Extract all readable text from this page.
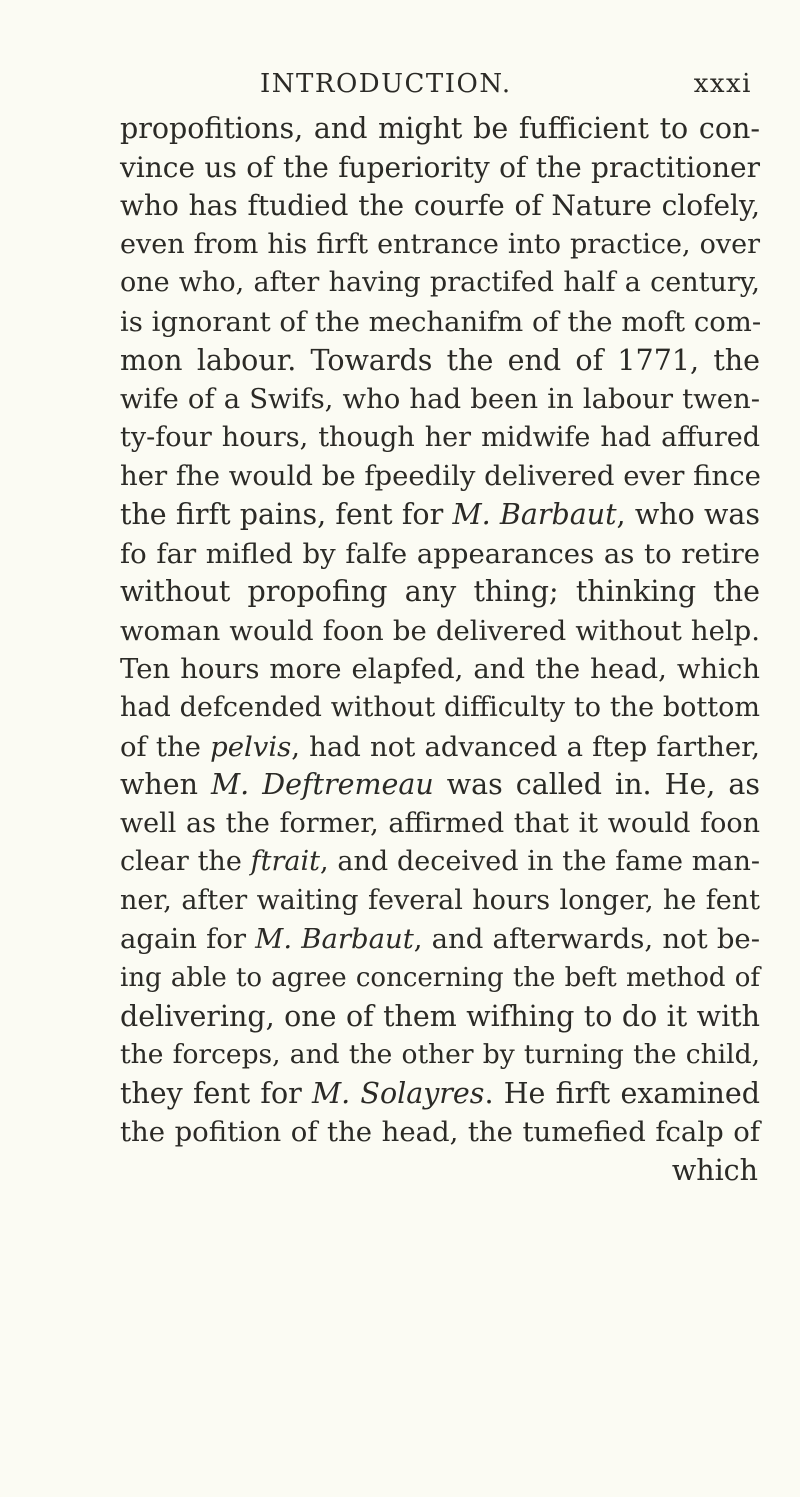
INTRODUCTION.	xxxi
propofitions, and might be fufficient to con-
vince us of the fuperiority of the practitioner
who has ftudied the courfe of Nature clofely,
even from his firft entrance into practice, over
one who, after having practifed half a century,
is ignorant of the mechanifm of the moft com-
mon labour. Towards the end of 1771, the
wife of a Swifs, who had been in labour twen-
ty-four hours, though her midwife had affured
her fhe would be fpeedily delivered ever fince
the firft pains, fent for M. Barbaut, who was
fo far mifled by falfe appearances as to retire
without propofing any thing; thinking the
woman would foon be delivered without help.
Ten hours more elapfed, and the head, which
had defcended without difficulty to the bottom
of the pelvis, had not advanced a ftep farther,
when M. Deftremeau was called in. He, as
well as the former, affirmed that it would foon
clear the ftrait, and deceived in the fame man-
ner, after waiting feveral hours longer, he fent
again for M. Barbaut, and afterwards, not be-
ing able to agree concerning the beft method of
delivering, one of them wifhing to do it with
the forceps, and the other by turning the child,
they fent for M. Solayres. He firft examined
the pofition of the head, the tumefied fcalp of
which
